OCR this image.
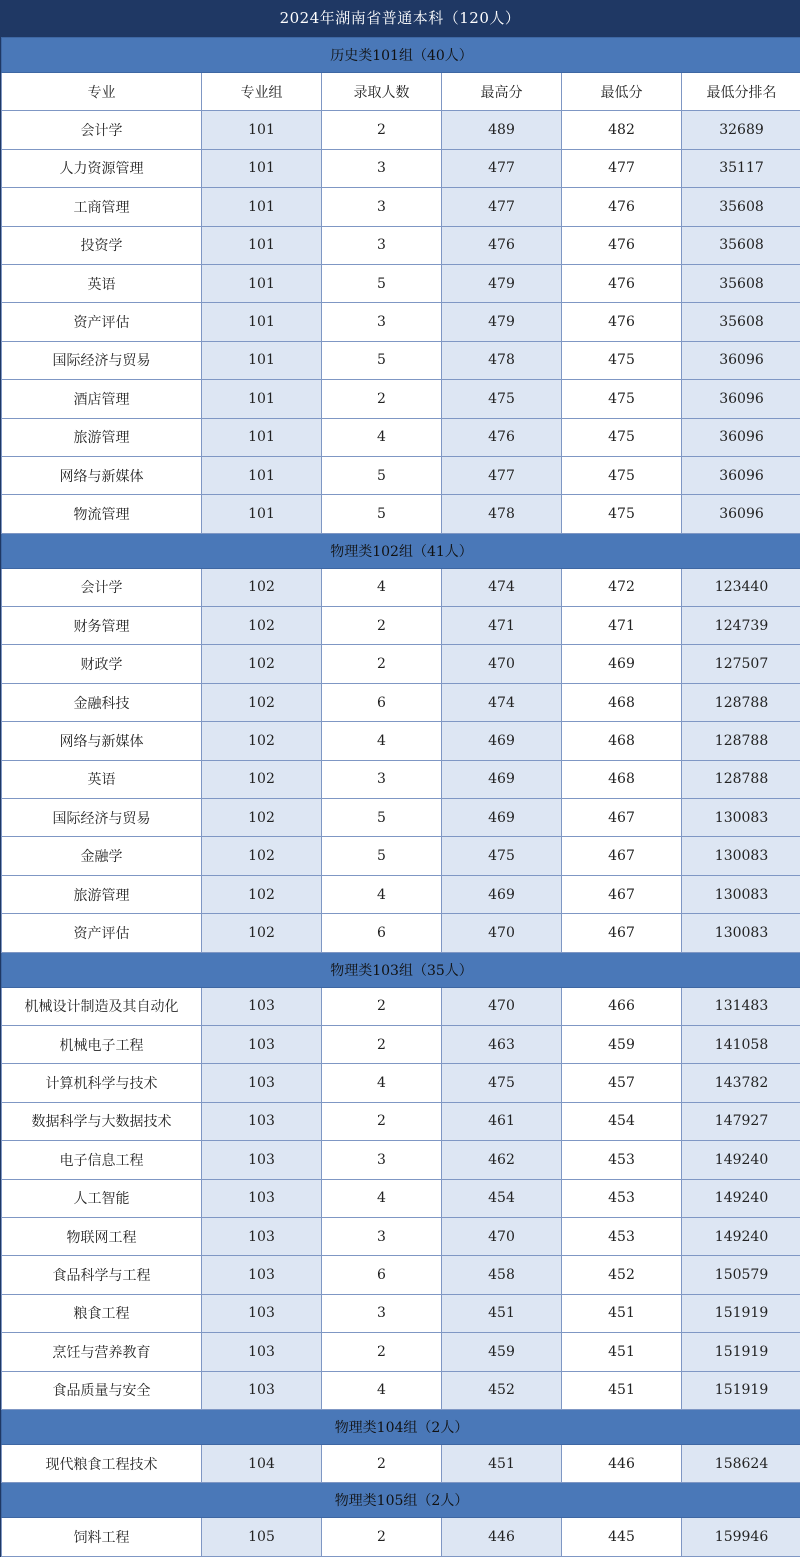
2024年湖南省普通本科（120人）
历史类101组（40人）					
专业	专业组	录取人数	最高分	最低分	最低分排名
会计学	101	2	489	482	32689
人力资源管理	101	3	477	477	35117
工商管理	101	3	477	476	35608
投资学	101	3	476	476	35608
英语	101	5	479	476	35608
资产评估	101	3	479	476	35608
国际经济与贸易	101	5	478	475	36096
酒店管理	101	2	475	475	36096
旅游管理	101	4	476	475	36096
网络与新媒体	101	5	477	475	36096
物流管理	101	5	478	475	36096
物理类102组（41人）					
会计学	102	4	474	472	123440
财务管理	102	2	471	471	124739
财政学	102	2	470	469	127507
金融科技	102	6	474	468	128788
网络与新媒体	102	4	469	468	128788
英语	102	3	469	468	128788
国际经济与贸易	102	5	469	467	130083
金融学	102	5	475	467	130083
旅游管理	102	4	469	467	130083
资产评估	102	6	470	467	130083
物理类103组（35人）					
机械设计制造及其自动化	103	2	470	466	131483
机械电子工程	103	2	463	459	141058
计算机科学与技术	103	4	475	457	143782
数据科学与大数据技术	103	2	461	454	147927
电子信息工程	103	3	462	453	149240
人工智能	103	4	454	453	149240
物联网工程	103	3	470	453	149240
食品科学与工程	103	6	458	452	150579
粮食工程	103	3	451	451	151919
烹饪与营养教育	103	2	459	451	151919
食品质量与安全	103	4	452	451	151919
物理类104组（2人）					
现代粮食工程技术	104	2	451	446	158624
物理类105组（2人）					
饲料工程	105	2	446	445	159946
